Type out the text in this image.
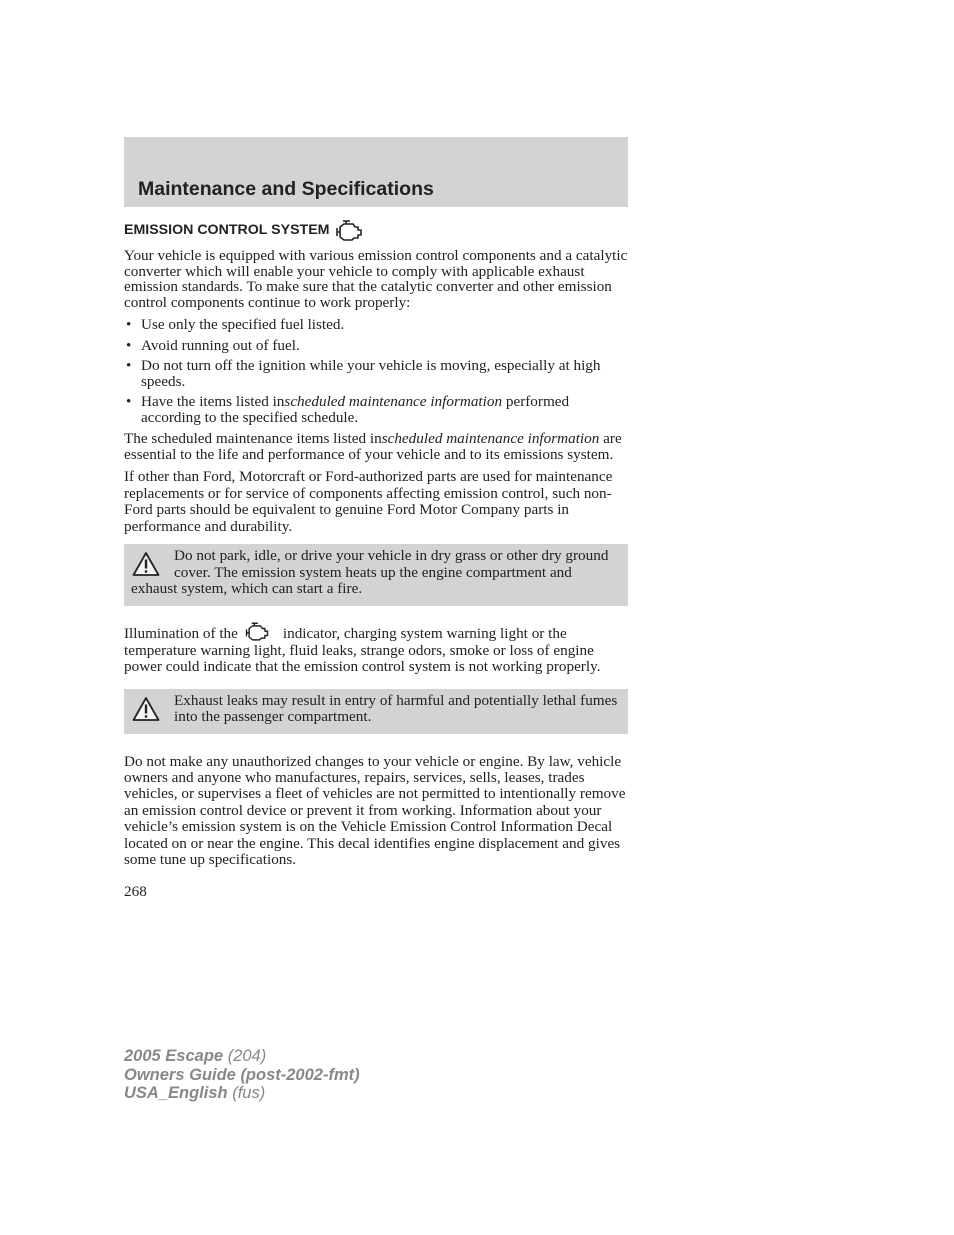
Maintenance and Specifications
EMISSION CONTROL SYSTEM

Your vehicle is equipped with various emission control components and a catalytic converter which will enable your vehicle to comply with applicable exhaust emission standards. To make sure that the catalytic converter and other emission control components continue to work properly:

• Use only the specified fuel listed.
• Avoid running out of fuel.
• Do not turn off the ignition while your vehicle is moving, especially at high speeds.
• Have the items listed inscheduled maintenance information performed according to the specified schedule.

The scheduled maintenance items listed inscheduled maintenance information are essential to the life and performance of your vehicle and to its emissions system.

If other than Ford, Motorcraft or Ford-authorized parts are used for maintenance replacements or for service of components affecting emission control, such non-Ford parts should be equivalent to genuine Ford Motor Company parts in performance and durability.

Do not park, idle, or drive your vehicle in dry grass or other dry ground cover. The emission system heats up the engine compartment and exhaust system, which can start a fire.

Illumination of the	indicator, charging system warning light or the temperature warning light, fluid leaks, strange odors, smoke or loss of engine power could indicate that the emission control system is not working properly.

Exhaust leaks may result in entry of harmful and potentially lethal fumes into the passenger compartment.

Do not make any unauthorized changes to your vehicle or engine. By law, vehicle owners and anyone who manufactures, repairs, services, sells, leases, trades vehicles, or supervises a fleet of vehicles are not permitted to intentionally remove an emission control device or prevent it from working. Information about your vehicle’s emission system is on the Vehicle Emission Control Information Decal located on or near the engine. This decal identifies engine displacement and gives some tune up specifications.

268

2005 Escape (204)
Owners Guide (post-2002-fmt)
USA_English (fus)
